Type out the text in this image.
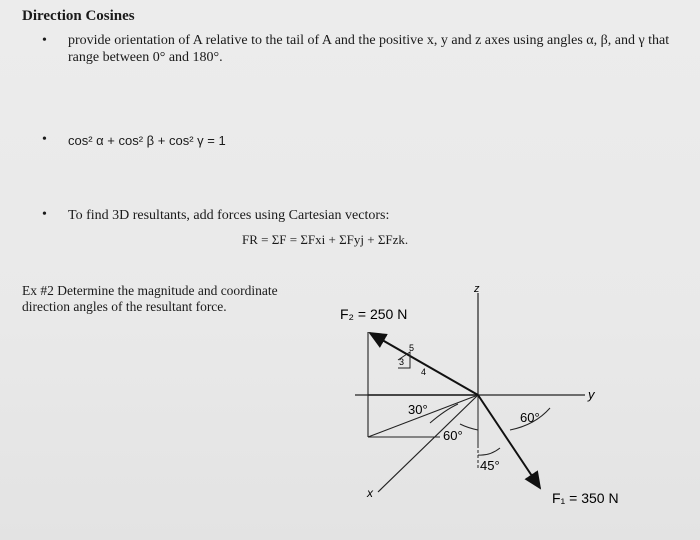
Direction Cosines
• provide orientation of A relative to the tail of A and the positive x, y and z axes using angles α, β, and γ that range between 0° and 180°.
• cos² α + cos² β + cos² γ = 1
• To find 3D resultants, add forces using Cartesian vectors:
FR = ΣF = ΣFxi + ΣFyj + ΣFzk.
Ex #2 Determine the magnitude and coordinate direction angles of the resultant force.
z
y
x
F₂ = 250 N
F₁ = 350 N
3
5
4
30°
60°
60°
45°
